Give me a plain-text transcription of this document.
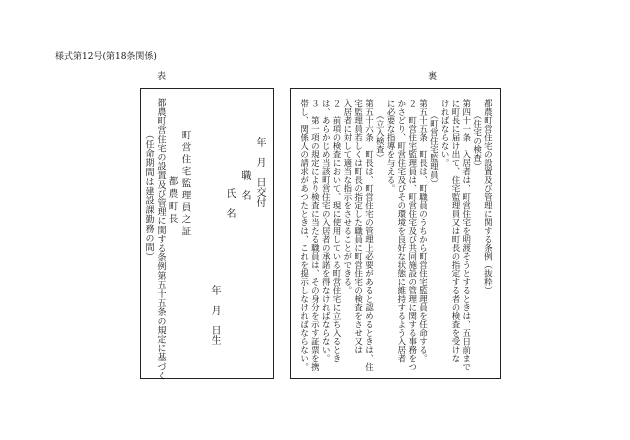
様式第12号(第18条関係)
表	裏
年　月　日交付
職　名
氏　名
年　月　日生
町営住宅監理員之証
都農町長
都農町営住宅の設置及び管理に関する条例第五十五条の規定に基づく
（任命期間は建設課勤務の間）	都農町営住宅の設置及び管理に関する条例（抜粋）
（住宅の検査）
第四十一条　入居者は、町営住宅を明渡そうとするときは、五日前まで
に町長に届け出て、住宅監理員又は町長の指定する者の検査を受けな
ければならない。
（町営住宅監理員）
第五十五条　町長は、町職員のうちから町営住宅監理員を任命する。
２　町営住宅監理員は、町営住宅及び共同施設の管理に関する事務をつ
かさどり、町営住宅及びその環境を良好な状態に維持するよう入居者
に必要な指導を与える。
（立入検査）
第五十六条　町長は、町営住宅の管理上必要があると認めるときは、住
宅監理員若しくは町長の指定した職員に町営住宅の検査をさせ又は
入居者に対して適当な指示をさせることができる。
２　前項の検査において、現に使用している町営住宅に立ち入るとき
は、あらかじめ当該町営住宅の入居者の承諾を得なければならない。
３　第一項の規定により検査に当たる職員は、その身分を示す証票を携
帯し、関係人の請求があつたときは、これを提示しなければならない。
